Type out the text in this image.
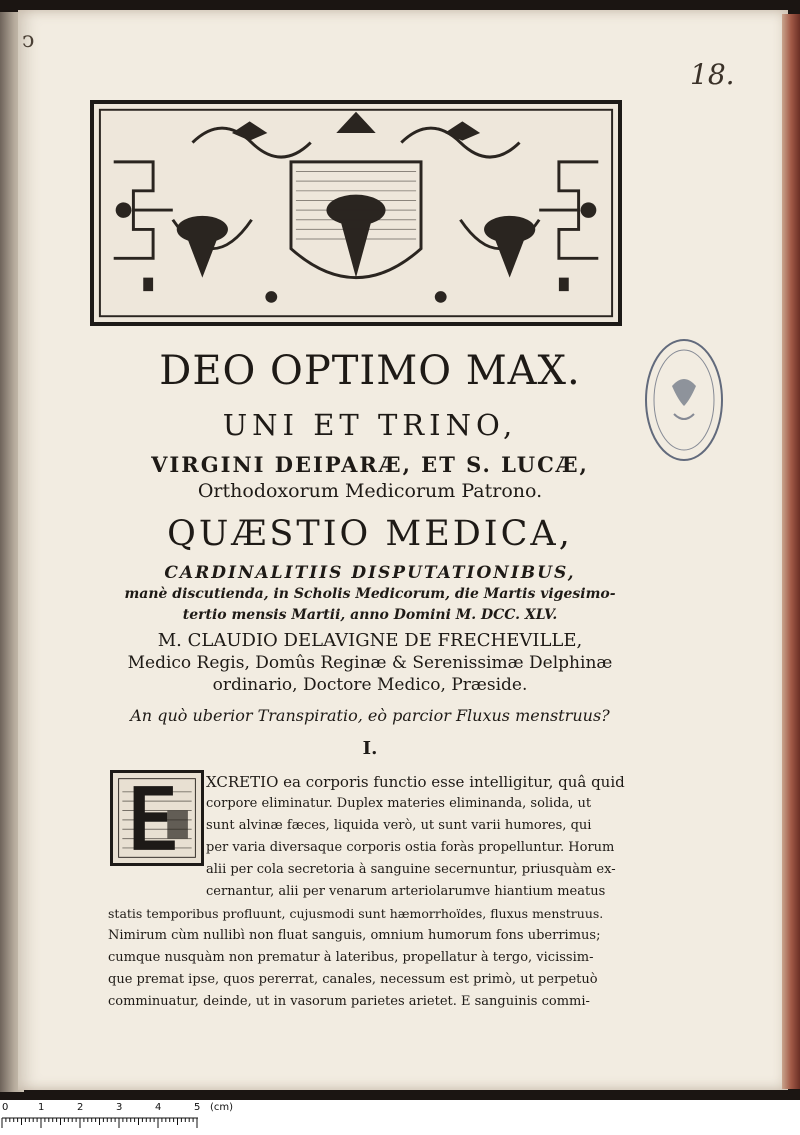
ↄ
18.
DEO OPTIMO MAX.
UNI ET TRINO,
VIRGINI DEIPARÆ, ET S. LUCÆ,
Orthodoxorum Medicorum Patrono.
QUÆSTIO MEDICA,
CARDINALITIIS DISPUTATIONIBUS,
manè discutienda, in Scholis Medicorum, die Martis vigesimo-
tertio mensis Martii, anno Domini M. DCC. XLV.
M. CLAUDIO DELAVIGNE DE FRECHEVILLE,
Medico Regis, Domûs Reginæ & Serenissimæ Delphinæ
ordinario, Doctore Medico, Præside.
An quò uberior Transpiratio, eò parcior Fluxus menstruus?
I.
XCRETIO ea corporis functio esse intelligitur, quâ quid
corpore eliminatur. Duplex materies eliminanda, solida, ut
sunt alvinæ fæces, liquida verò, ut sunt varii humores, qui
per varia diversaque corporis ostia foràs propelluntur. Horum
alii per cola secretoria à sanguine secernuntur, priusquàm ex-
cernantur, alii per venarum arteriolarumve hiantium meatus
statis temporibus profluunt, cujusmodi sunt hæmorrhoïdes, fluxus menstruus.
Nimirum cùm nullibì non fluat sanguis, omnium humorum fons uberrimus;
cumque nusquàm non prematur à lateribus, propellatur à tergo, vicissim-
que premat ipse, quos pererrat, canales, necessum est primò, ut perpetuò
comminuatur, deinde, ut in vasorum parietes arietet. E sanguinis commi-
0	1	2	3	4	5 (cm)
